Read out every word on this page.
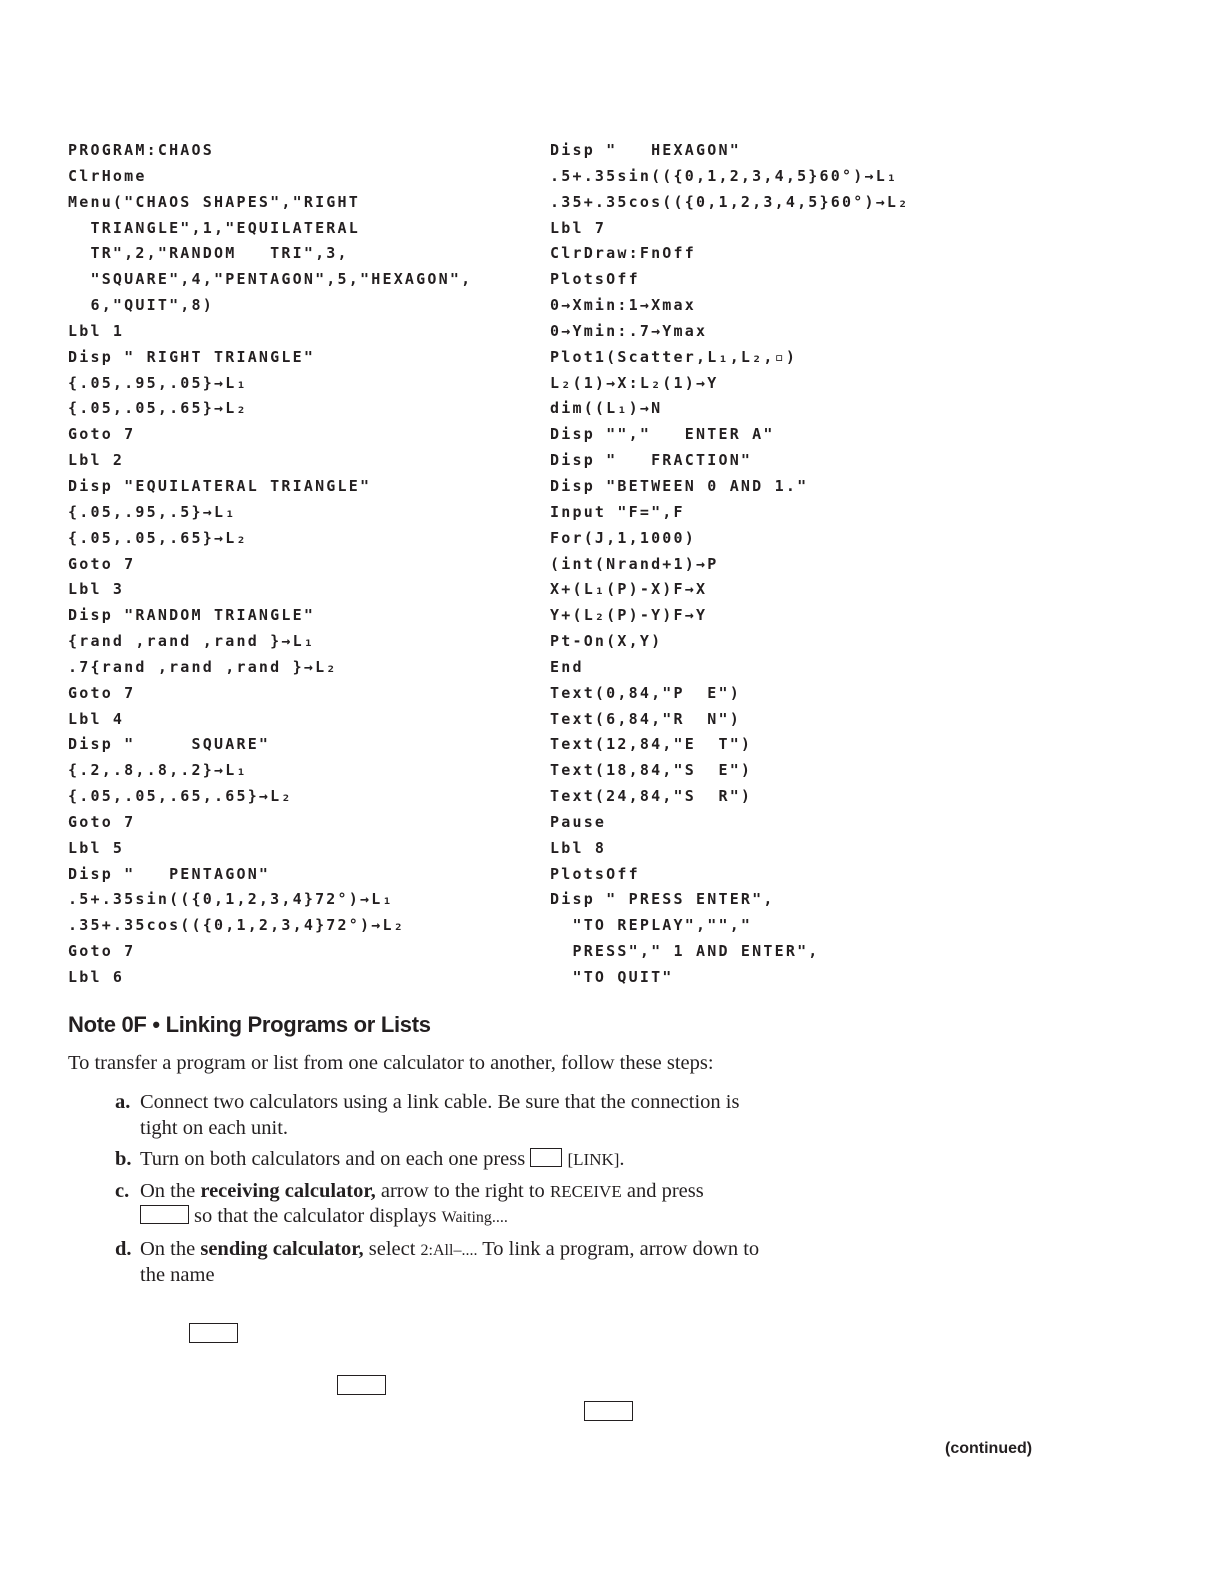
PROGRAM:CHAOS
ClrHome
Menu("CHAOS SHAPES","RIGHT
TRIANGLE",1,"EQUILATERAL
TR",2,"RANDOM   TRI",3,
"SQUARE",4,"PENTAGON",5,"HEXAGON",
6,"QUIT",8)
Lbl 1
Disp " RIGHT TRIANGLE"
{.05,.95,.05}→L₁
{.05,.05,.65}→L₂
Goto 7
Lbl 2
Disp "EQUILATERAL TRIANGLE"
{.05,.95,.5}→L₁
{.05,.05,.65}→L₂
Goto 7
Lbl 3
Disp "RANDOM TRIANGLE"
{rand ,rand ,rand }→L₁
.7{rand ,rand ,rand }→L₂
Goto 7
Lbl 4
Disp "     SQUARE"
{.2,.8,.8,.2}→L₁
{.05,.05,.65,.65}→L₂
Goto 7
Lbl 5
Disp "   PENTAGON"
.5+.35sin(({0,1,2,3,4}72°)→L₁
.35+.35cos(({0,1,2,3,4}72°)→L₂
Goto 7
Lbl 6
Disp "   HEXAGON"
.5+.35sin(({0,1,2,3,4,5}60°)→L₁
.35+.35cos(({0,1,2,3,4,5}60°)→L₂
Lbl 7
ClrDraw:FnOff
PlotsOff
0→Xmin:1→Xmax
0→Ymin:.7→Ymax
Plot1(Scatter,L₁,L₂,▫)
L₂(1)→X:L₂(1)→Y
dim((L₁)→N
Disp "","   ENTER A"
Disp "   FRACTION"
Disp "BETWEEN 0 AND 1."
Input "F=",F
For(J,1,1000)
(int(Nrand+1)→P
X+(L₁(P)-X)F→X
Y+(L₂(P)-Y)F→Y
Pt-On(X,Y)
End
Text(0,84,"P  E")
Text(6,84,"R  N")
Text(12,84,"E  T")
Text(18,84,"S  E")
Text(24,84,"S  R")
Pause
Lbl 8
PlotsOff
Disp " PRESS ENTER",
"TO REPLAY","","
PRESS"," 1 AND ENTER",
"TO QUIT"
Note 0F • Linking Programs or Lists

To transfer a program or list from one calculator to another, follow these steps:

a. Connect two calculators using a link cable. Be sure that the connection is tight on each unit.
b. Turn on both calculators and on each one press  [LINK].
c. On the receiving calculator, arrow to the right to RECEIVE and press
so that the calculator displays Waiting....
d. On the sending calculator, select 2:All–.... To link a program, arrow down to the name
(continued)
